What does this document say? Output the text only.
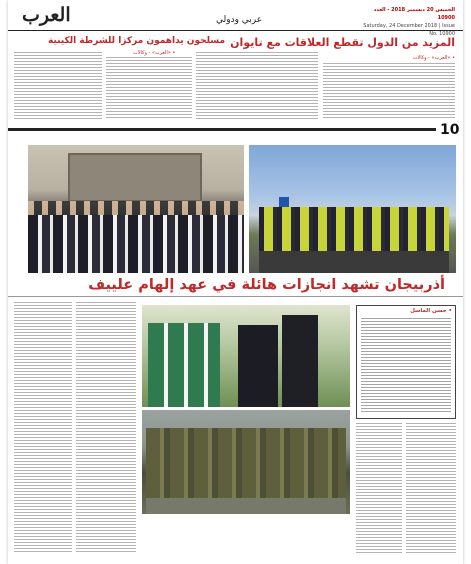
العرب	عربي ودولي
الخميس 20 ديسمبر 2018 - العدد 10900
Saturday, 24 December 2018 | Issue No. 10900
المزيد من الدول تقطع العلاقات مع تايوان
• «العرب» - وكالات
مسلحون يداهمون مركزا للشرطة الكينية
• «العرب» - وكالات
10
أذربيجان تشهد انجازات هائلة في عهد إلهام علييف
• حسن الماسل
